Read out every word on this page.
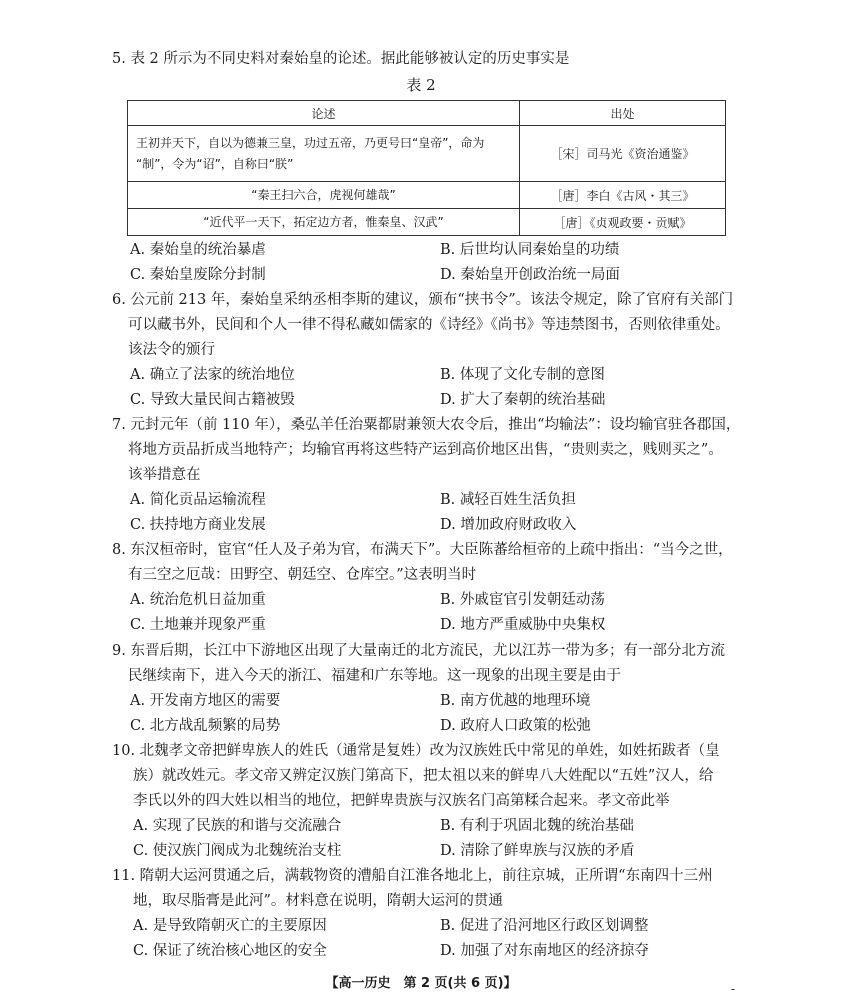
5. 表 2 所示为不同史料对秦始皇的论述。据此能够被认定的历史事实是
表 2
论述	出处

王初并天下，自以为德兼三皇，功过五帝，乃更号曰“皇帝”，命为
“制”，令为“诏”，自称曰“朕”	［宋］司马光《资治通鉴》
“秦王扫六合，虎视何雄哉”	［唐］李白《古风・其三》
“近代平一天下，拓定边方者，惟秦皇、汉武”	［唐］《贞观政要・贡赋》
A. 秦始皇的统治暴虐	B. 后世均认同秦始皇的功绩
C. 秦始皇废除分封制	D. 秦始皇开创政治统一局面
6. 公元前 213 年，秦始皇采纳丞相李斯的建议，颁布“挟书令”。该法令规定，除了官府有关部门
可以藏书外，民间和个人一律不得私藏如儒家的《诗经》《尚书》等违禁图书，否则依律重处。
该法令的颁行
A. 确立了法家的统治地位	B. 体现了文化专制的意图
C. 导致大量民间古籍被毁	D. 扩大了秦朝的统治基础
7. 元封元年（前 110 年），桑弘羊任治粟都尉兼领大农令后，推出“均输法”：设均输官驻各郡国，
将地方贡品折成当地特产；均输官再将这些特产运到高价地区出售，“贵则卖之，贱则买之”。
该举措意在
A. 简化贡品运输流程	B. 减轻百姓生活负担
C. 扶持地方商业发展	D. 增加政府财政收入
8. 东汉桓帝时，宦官“任人及子弟为官，布满天下”。大臣陈蕃给桓帝的上疏中指出：“当今之世，
有三空之厄哉：田野空、朝廷空、仓库空。”这表明当时
A. 统治危机日益加重	B. 外戚宦官引发朝廷动荡
C. 土地兼并现象严重	D. 地方严重威胁中央集权
9. 东晋后期，长江中下游地区出现了大量南迁的北方流民，尤以江苏一带为多；有一部分北方流
民继续南下，进入今天的浙江、福建和广东等地。这一现象的出现主要是由于
A. 开发南方地区的需要	B. 南方优越的地理环境
C. 北方战乱频繁的局势	D. 政府人口政策的松弛
10. 北魏孝文帝把鲜卑族人的姓氏（通常是复姓）改为汉族姓氏中常见的单姓，如姓拓跋者（皇
族）就改姓元。孝文帝又辨定汉族门第高下，把太祖以来的鲜卑八大姓配以“五姓”汉人，给
李氏以外的四大姓以相当的地位，把鲜卑贵族与汉族名门高第糅合起来。孝文帝此举
A. 实现了民族的和谐与交流融合	B. 有利于巩固北魏的统治基础
C. 使汉族门阀成为北魏统治支柱	D. 清除了鲜卑族与汉族的矛盾
11. 隋朝大运河贯通之后，满载物资的漕船自江淮各地北上，前往京城，正所谓“东南四十三州
地，取尽脂膏是此河”。材料意在说明，隋朝大运河的贯通
A. 是导致隋朝灭亡的主要原因	B. 促进了沿河地区行政区划调整
C. 保证了统治核心地区的安全	D. 加强了对东南地区的经济掠夺
【高一历史　第 2 页(共 6 页)】	-
